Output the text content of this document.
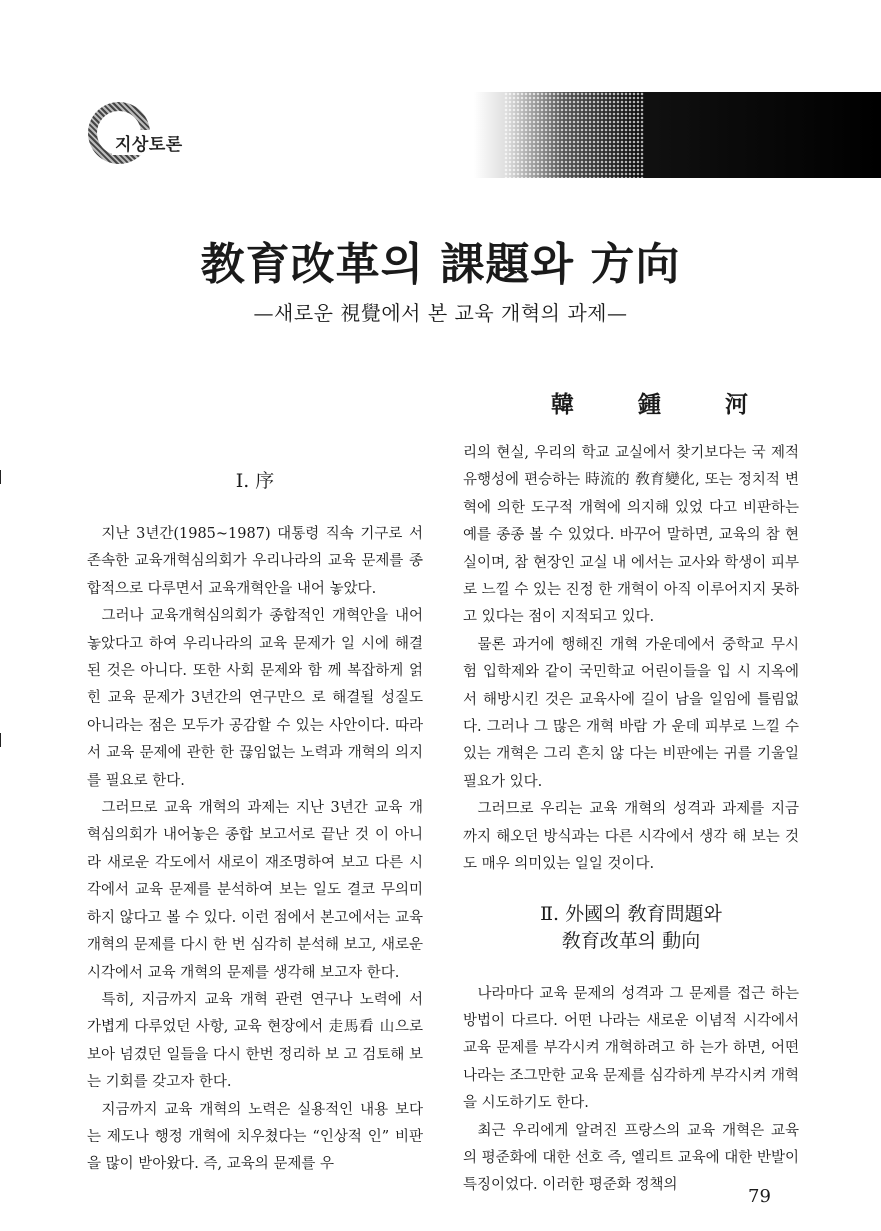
지상토론
教育改革의 課題와 方向

—새로운 視覺에서 본 교육 개혁의 과제—

韓 鍾 河

Ⅰ. 序

지난 3년간(1985~1987) 대통령 직속 기구로 서 존속한 교육개혁심의회가 우리나라의 교육 문제를 종합적으로 다루면서 교육개혁안을 내어 놓았다.

그러나 교육개혁심의회가 종합적인 개혁안을 내어 놓았다고 하여 우리나라의 교육 문제가 일 시에 해결된 것은 아니다. 또한 사회 문제와 함 께 복잡하게 얽힌 교육 문제가 3년간의 연구만으 로 해결될 성질도 아니라는 점은 모두가 공감할 수 있는 사안이다. 따라서 교육 문제에 관한 한 끊임없는 노력과 개혁의 의지를 필요로 한다.

그러므로 교육 개혁의 과제는 지난 3년간 교육 개혁심의회가 내어놓은 종합 보고서로 끝난 것 이 아니라 새로운 각도에서 새로이 재조명하여 보고 다른 시각에서 교육 문제를 분석하여 보는 일도 결코 무의미하지 않다고 볼 수 있다. 이런 점에서 본고에서는 교육 개혁의 문제를 다시 한 번 심각히 분석해 보고, 새로운 시각에서 교육 개혁의 문제를 생각해 보고자 한다.

특히, 지금까지 교육 개혁 관련 연구나 노력에 서 가볍게 다루었던 사항, 교육 현장에서 走馬看 山으로 보아 넘겼던 일들을 다시 한번 정리하 보 고 검토해 보는 기회를 갖고자 한다.

지금까지 교육 개혁의 노력은 실용적인 내용 보다는 제도나 행정 개혁에 치우쳤다는 “인상적 인” 비판을 많이 받아왔다. 즉, 교육의 문제를 우

리의 현실, 우리의 학교 교실에서 찾기보다는 국 제적 유행성에 편승하는 時流的 敎育變化, 또는 정치적 변혁에 의한 도구적 개혁에 의지해 있었 다고 비판하는 예를 종종 볼 수 있었다. 바꾸어 말하면, 교육의 참 현실이며, 참 현장인 교실 내 에서는 교사와 학생이 피부로 느낄 수 있는 진정 한 개혁이 아직 이루어지지 못하고 있다는 점이 지적되고 있다.

물론 과거에 행해진 개혁 가운데에서 중학교 무시험 입학제와 같이 국민학교 어린이들을 입 시 지옥에서 해방시킨 것은 교육사에 길이 남을 일임에 틀림없다. 그러나 그 많은 개혁 바람 가 운데 피부로 느낄 수 있는 개혁은 그리 흔치 않 다는 비판에는 귀를 기울일 필요가 있다.

그러므로 우리는 교육 개혁의 성격과 과제를 지금까지 해오던 방식과는 다른 시각에서 생각 해 보는 것도 매우 의미있는 일일 것이다.

Ⅱ. 外國의 敎育問題와
敎育改革의 動向

나라마다 교육 문제의 성격과 그 문제를 접근 하는 방법이 다르다. 어떤 나라는 새로운 이념적 시각에서 교육 문제를 부각시켜 개혁하려고 하 는가 하면, 어떤 나라는 조그만한 교육 문제를 심각하게 부각시켜 개혁을 시도하기도 한다.

최근 우리에게 알려진 프랑스의 교육 개혁은 교육의 평준화에 대한 선호 즉, 엘리트 교육에 대한 반발이 특징이었다. 이러한 평준화 정책의

79
